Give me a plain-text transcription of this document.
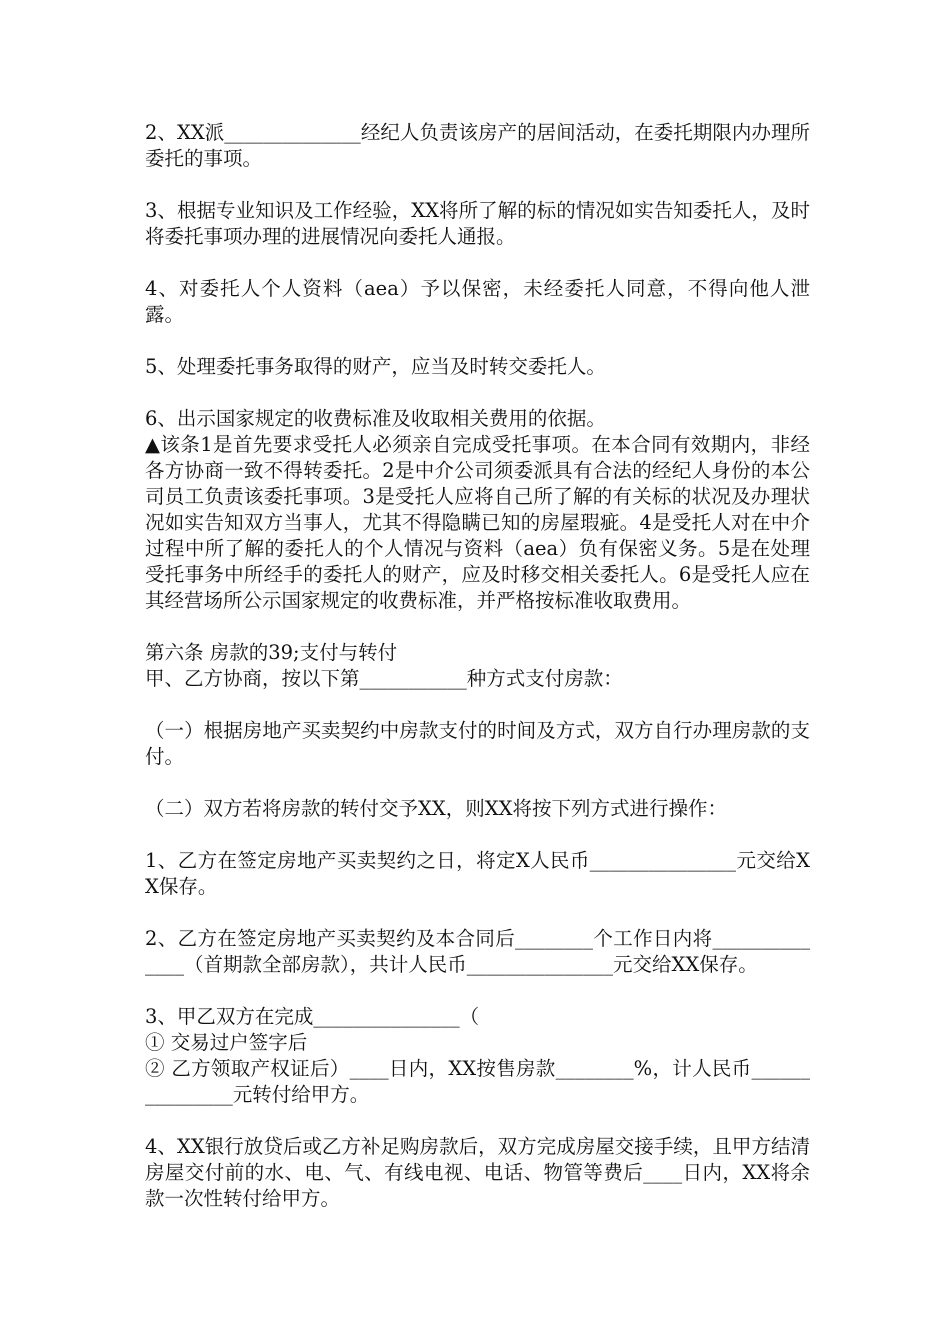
2、XX派______________经纪人负责该房产的居间活动，在委托期限内办理所委托的事项。

3、根据专业知识及工作经验，XX将所了解的标的情况如实告知委托人，及时将委托事项办理的进展情况向委托人通报。

4、对委托人个人资料（aea）予以保密，未经委托人同意，不得向他人泄露。

5、处理委托事务取得的财产，应当及时转交委托人。

6、出示国家规定的收费标准及收取相关费用的依据。

▲该条1是首先要求受托人必须亲自完成受托事项。在本合同有效期内，非经各方协商一致不得转委托。2是中介公司须委派具有合法的经纪人身份的本公司员工负责该委托事项。3是受托人应将自己所了解的有关标的状况及办理状况如实告知双方当事人，尤其不得隐瞒已知的房屋瑕疵。4是受托人对在中介过程中所了解的委托人的个人情况与资料（aea）负有保密义务。5是在处理受托事务中所经手的委托人的财产，应及时移交相关委托人。6是受托人应在其经营场所公示国家规定的收费标准，并严格按标准收取费用。

第六条 房款的39;支付与转付

甲、乙方协商，按以下第___________种方式支付房款：

（一）根据房地产买卖契约中房款支付的时间及方式，双方自行办理房款的支付。

（二）双方若将房款的转付交予XX，则XX将按下列方式进行操作：

1、乙方在签定房地产买卖契约之日，将定X人民币_______________元交给XX保存。

2、乙方在签定房地产买卖契约及本合同后________个工作日内将______________（首期款全部房款），共计人民币_______________元交给XX保存。

3、甲乙双方在完成_______________（

① 交易过户签字后

② 乙方领取产权证后）____日内，XX按售房款________%，计人民币_______________元转付给甲方。

4、XX银行放贷后或乙方补足购房款后，双方完成房屋交接手续，且甲方结清房屋交付前的水、电、气、有线电视、电话、物管等费后____日内，XX将余款一次性转付给甲方。
